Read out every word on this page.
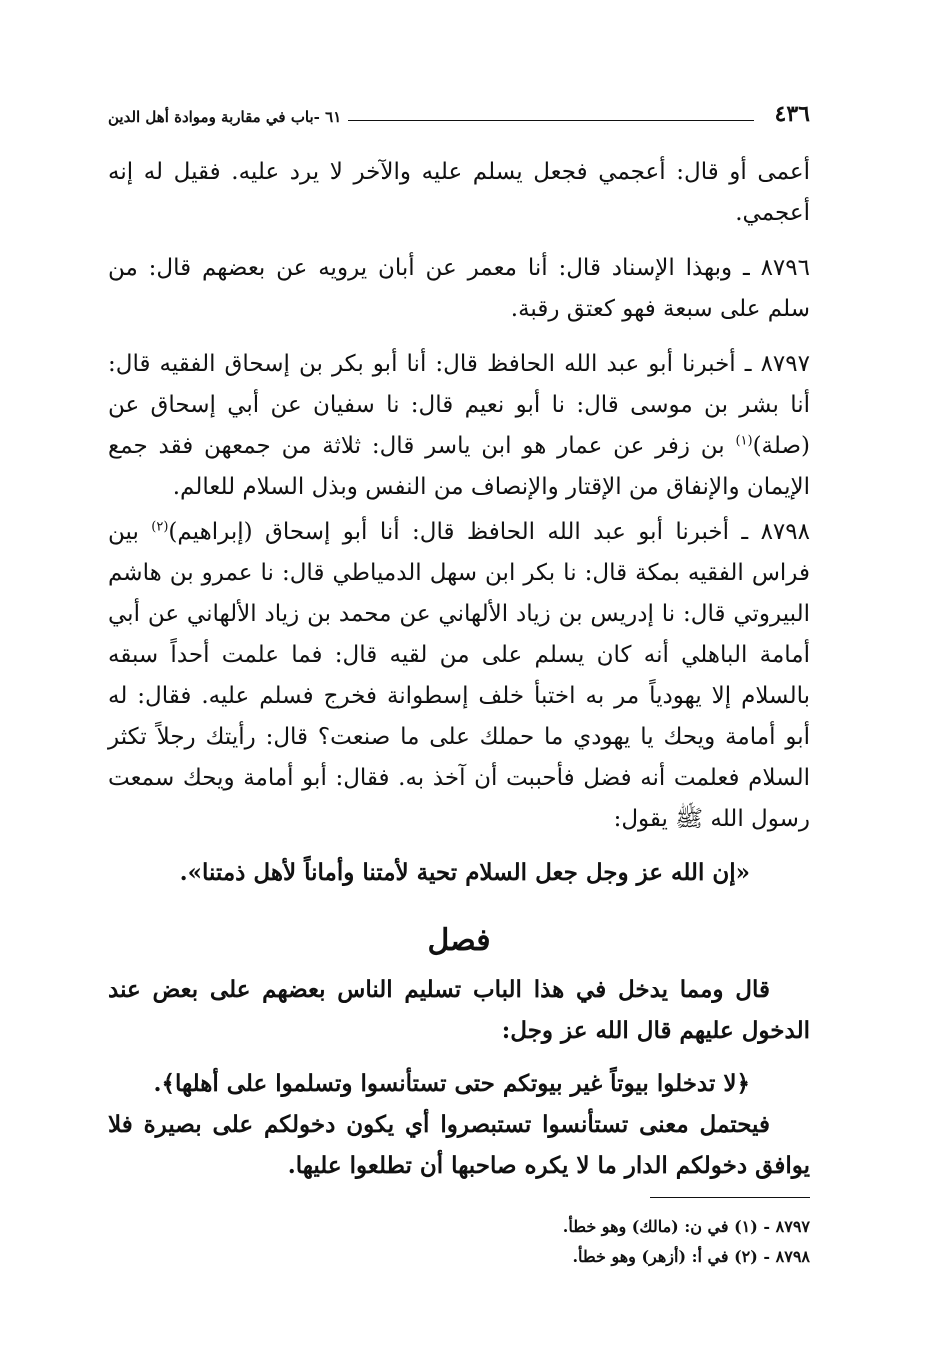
٤٣٦
٦١ -باب في مقاربة وموادة أهل الدين

أعمى أو قال: أعجمي فجعل يسلم عليه والآخر لا يرد عليه. فقيل له إنه أعجمي.

٨٧٩٦ ـ وبهذا الإسناد قال: أنا معمر عن أبان يرويه عن بعضهم قال: من سلم على سبعة فهو كعتق رقبة.

٨٧٩٧ ـ أخبرنا أبو عبد الله الحافظ قال: أنا أبو بكر بن إسحاق الفقيه قال: أنا بشر بن موسى قال: نا أبو نعيم قال: نا سفيان عن أبي إسحاق عن (صلة)$^{(١)}$ بن زفر عن عمار هو ابن ياسر قال: ثلاثة من جمعهن فقد جمع الإيمان والإنفاق من الإقتار والإنصاف من النفس وبذل السلام للعالم.

٨٧٩٨ ـ أخبرنا أبو عبد الله الحافظ قال: أنا أبو إسحاق (إبراهيم)$^{(٢)}$ بين فراس الفقيه بمكة قال: نا بكر ابن سهل الدمياطي قال: نا عمرو بن هاشم البيروتي قال: نا إدريس بن زياد الألهاني عن محمد بن زياد الألهاني عن أبي أمامة الباهلي أنه كان يسلم على من لقيه قال: فما علمت أحداً سبقه بالسلام إلا يهودياً مر به اختبأ خلف إسطوانة فخرج فسلم عليه. فقال: له أبو أمامة ويحك يا يهودي ما حملك على ما صنعت؟ قال: رأيتك رجلاً تكثر السلام فعلمت أنه فضل فأحببت أن آخذ به. فقال: أبو أمامة ويحك سمعت رسول الله ﷺ يقول:

«إن الله عز وجل جعل السلام تحية لأمتنا وأماناً لأهل ذمتنا».

فصل

قال ومما يدخل في هذا الباب تسليم الناس بعضهم على بعض عند الدخول عليهم قال الله عز وجل:

﴿لا تدخلوا بيوتاً غير بيوتكم حتى تستأنسوا وتسلموا على أهلها﴾.

فيحتمل معنى تستأنسوا تستبصروا أي يكون دخولكم على بصيرة فلا يوافق دخولكم الدار ما لا يكره صاحبها أن تطلعوا عليها.

٨٧٩٧ - (١) في ن: (مالك) وهو خطأ.

٨٧٩٨ - (٢) في أ: (أزهر) وهو خطأ.
